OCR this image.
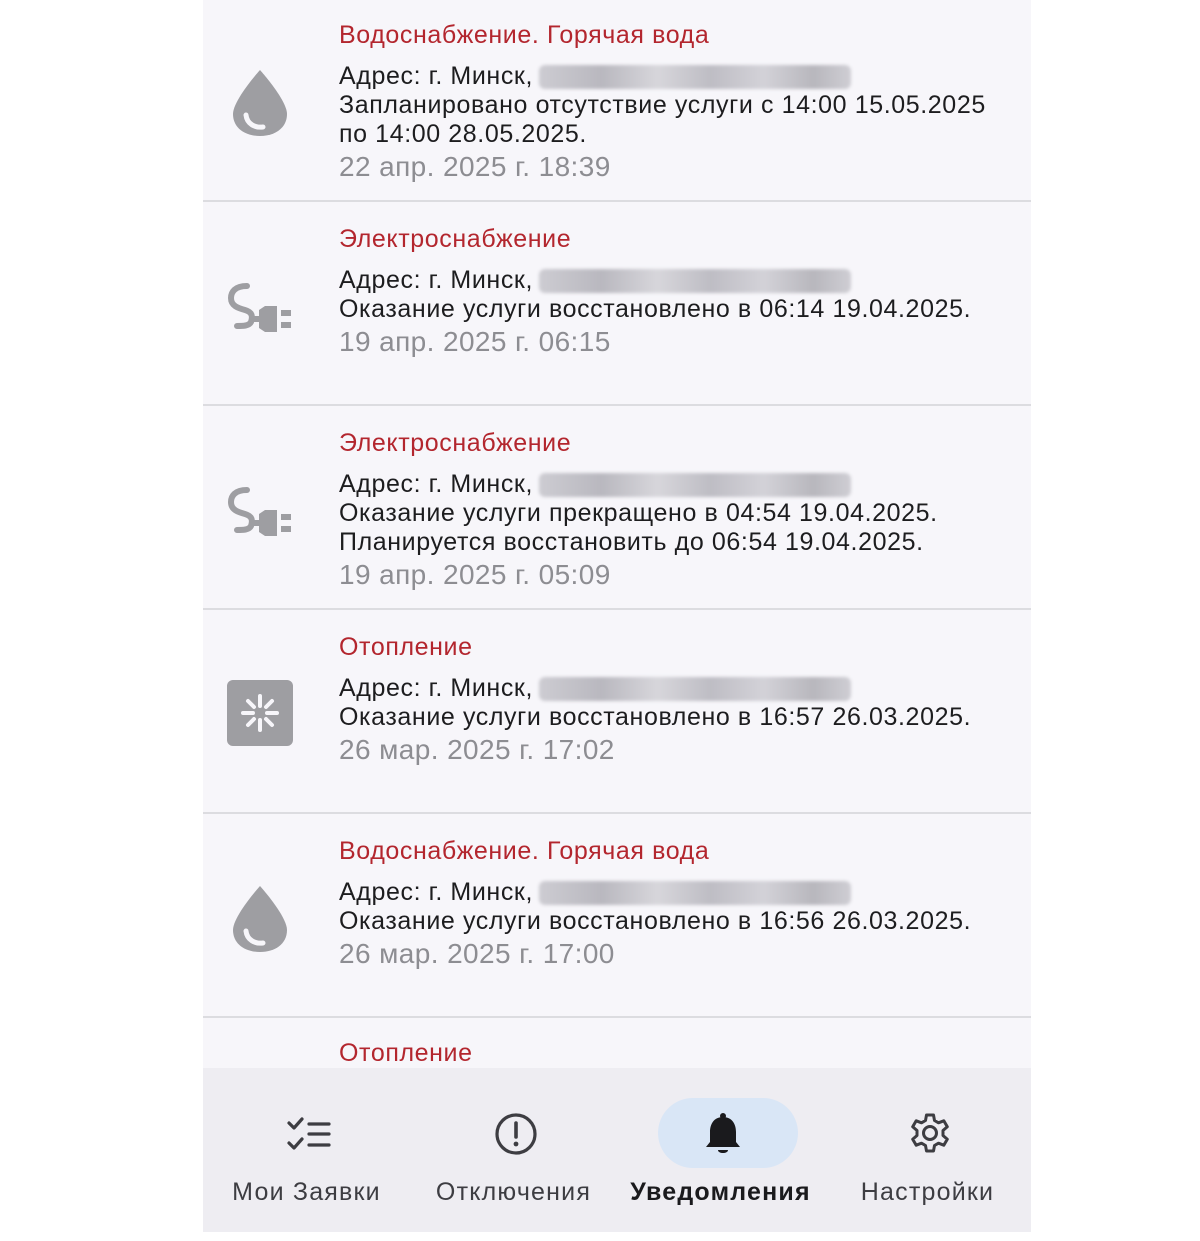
Водоснабжение. Горячая вода
Адрес: г. Минск,
Запланировано отсутствие услуги с 14:00 15.05.2025 по 14:00 28.05.2025.
22 апр. 2025 г. 18:39
Электроснабжение
Адрес: г. Минск,
Оказание услуги восстановлено в 06:14 19.04.2025.
19 апр. 2025 г. 06:15
Электроснабжение
Адрес: г. Минск,
Оказание услуги прекращено в 04:54 19.04.2025. Планируется восстановить до 06:54 19.04.2025.
19 апр. 2025 г. 05:09
Отопление
Адрес: г. Минск,
Оказание услуги восстановлено в 16:57 26.03.2025.
26 мар. 2025 г. 17:02
Водоснабжение. Горячая вода
Адрес: г. Минск,
Оказание услуги восстановлено в 16:56 26.03.2025.
26 мар. 2025 г. 17:00
Отопление
Мои Заявки	Отключения	Уведомления	Настройки
